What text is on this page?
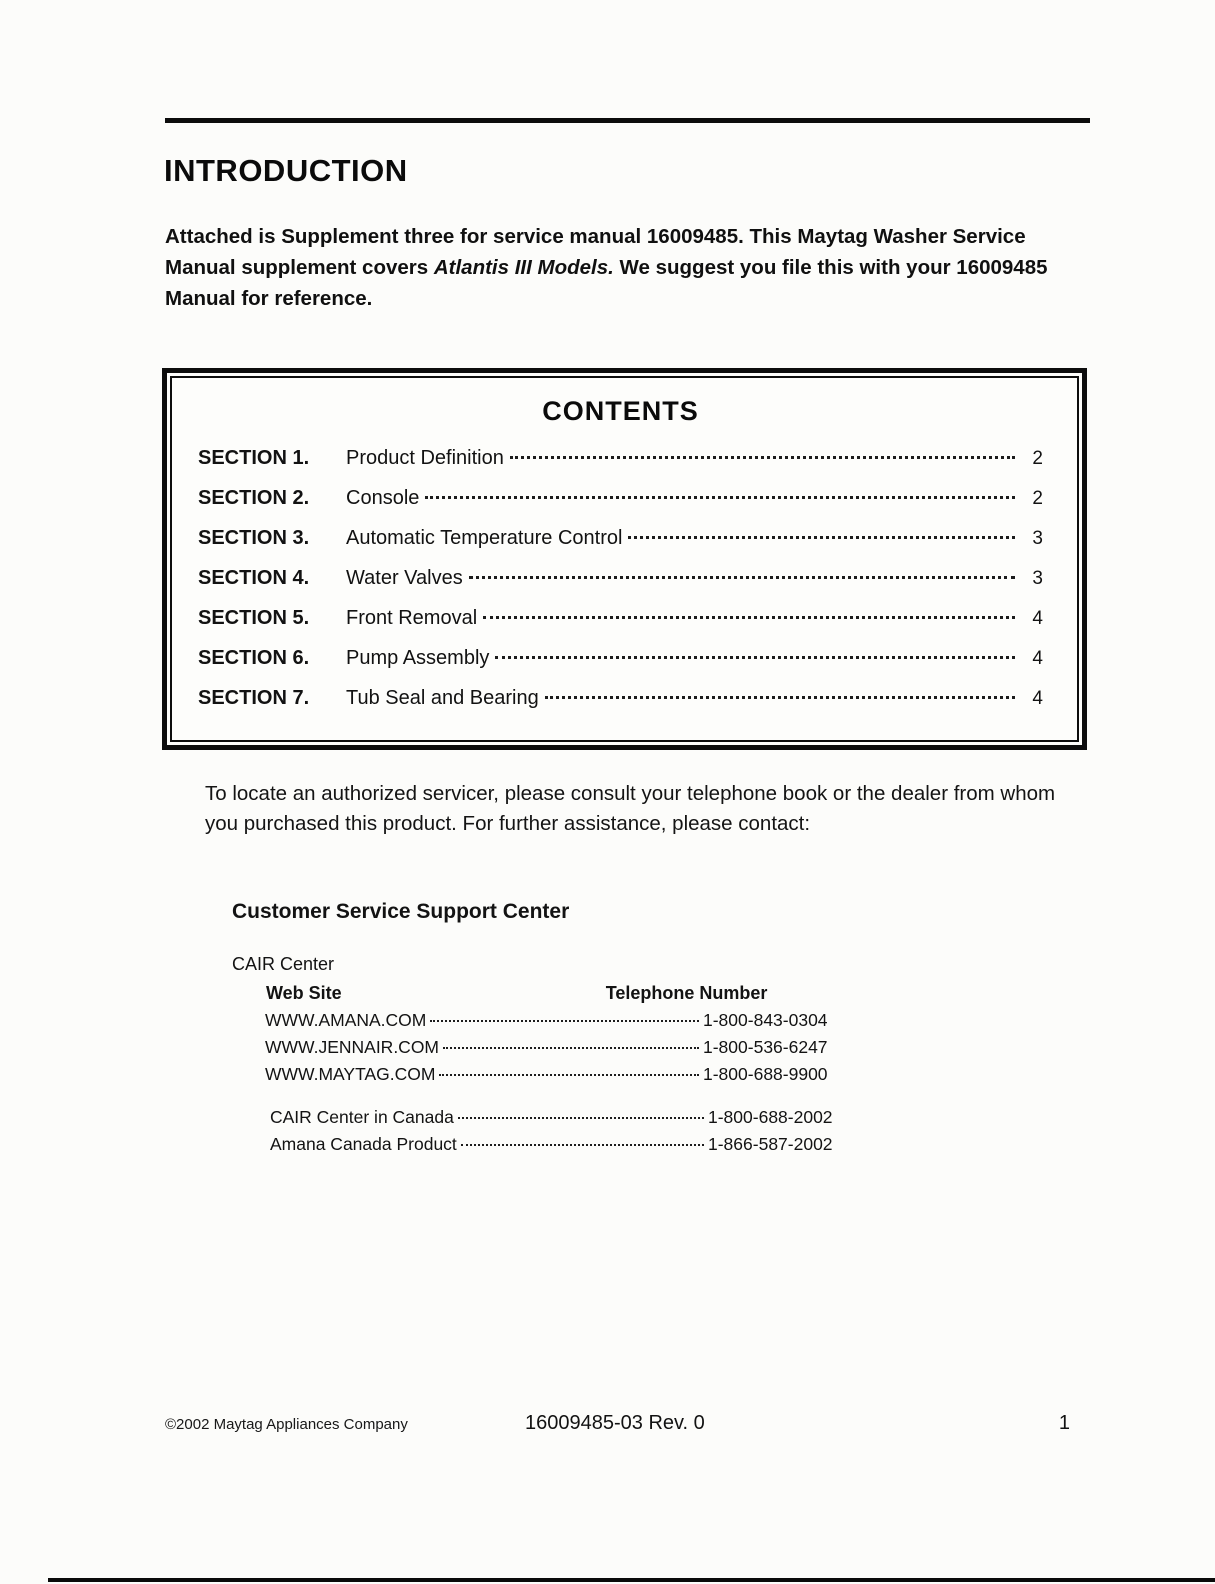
INTRODUCTION

Attached is Supplement three for service manual 16009485. This Maytag Washer Service Manual supplement covers Atlantis III Models. We suggest you file this with your 16009485 Manual for reference.

CONTENTS
SECTION 1.	Product Definition	2
SECTION 2.	Console	2
SECTION 3.	Automatic Temperature Control	3
SECTION 4.	Water Valves	3
SECTION 5.	Front Removal	4
SECTION 6.	Pump Assembly	4
SECTION 7.	Tub Seal and Bearing	4

To locate an authorized servicer, please consult your telephone book or the dealer from whom you purchased this product. For further assistance, please contact:

Customer Service Support Center
CAIR Center
Web Site	Telephone Number
WWW.AMANA.COM	1-800-843-0304
WWW.JENNAIR.COM	1-800-536-6247
WWW.MAYTAG.COM	1-800-688-9900
CAIR Center in Canada	1-800-688-2002
Amana Canada Product	1-866-587-2002
©2002 Maytag Appliances Company	16009485-03 Rev. 0	1
